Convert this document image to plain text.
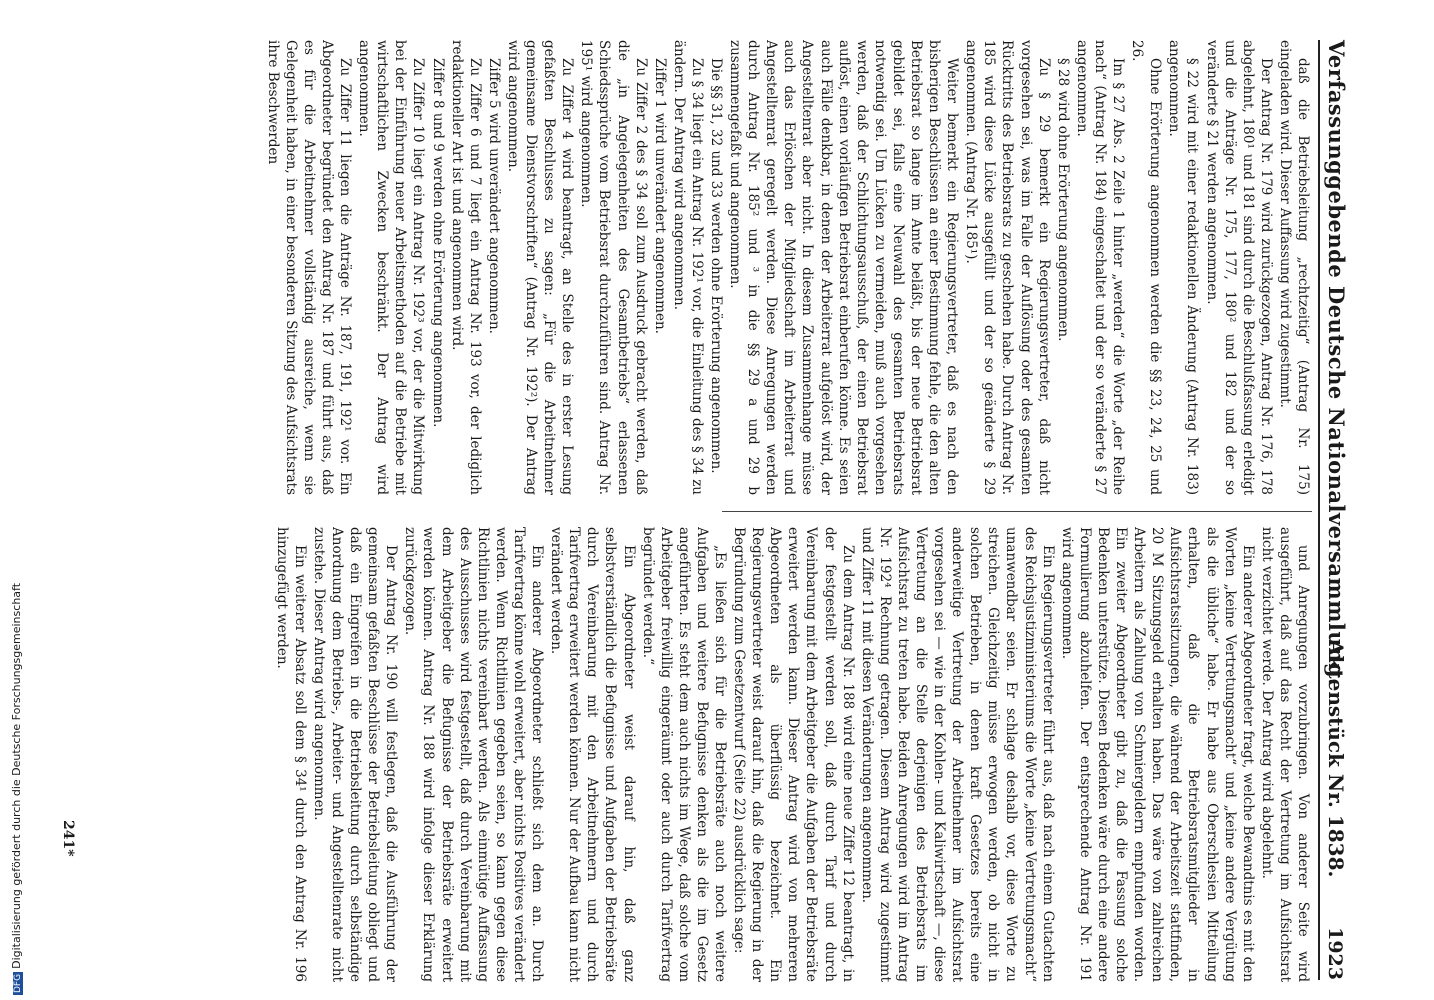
Verfassunggebende Deutsche Nationalversammlung.
Aktenstück Nr. 1838.
1923

daß die Betriebsleitung „rechtzeitig“ (Antrag Nr. 175) eingeladen wird. Dieser Auffassung wird zugestimmt.

Der Antrag Nr. 179 wird zurückgezogen, Antrag Nr. 176, 178 abgelehnt, 180¹ und 181 sind durch die Beschlußfassung erledigt und die Anträge Nr. 175, 177, 180² und 182 und der so veränderte § 21 werden angenommen.

§ 22 wird mit einer redaktionellen Änderung (Antrag Nr. 183) angenommen.

Ohne Erörterung angenommen werden die §§ 23, 24, 25 und 26.

Im § 27 Abs. 2 Zeile 1 hinter „werden“ die Worte „der Reihe nach“ (Antrag Nr. 184) eingeschaltet und der so veränderte § 27 angenommen.

§ 28 wird ohne Erörterung angenommen.

Zu § 29 bemerkt ein Regierungsvertreter, daß nicht vorgesehen sei, was im Falle der Auflösung oder des gesamten Rücktritts des Betriebsrats zu geschehen habe. Durch Antrag Nr. 185 wird diese Lücke ausgefüllt und der so geänderte § 29 angenommen. (Antrag Nr. 185¹).

Weiter bemerkt ein Regierungsvertreter, daß es nach den bisherigen Beschlüssen an einer Bestimmung fehle, die den alten Betriebsrat so lange im Amte beläßt, bis der neue Betriebsrat gebildet sei, falls eine Neuwahl des gesamten Betriebsrats notwendig sei. Um Lücken zu vermeiden, muß auch vorgesehen werden, daß der Schlichtungsausschuß, der einen Betriebsrat auflöst, einen vorläufigen Betriebsrat einberufen könne. Es seien auch Fälle denkbar, in denen der Arbeiterrat aufgelöst wird, der Angestelltenrat aber nicht. In diesem Zusammenhange müsse auch das Erlöschen der Mitgliedschaft im Arbeiterrat und Angestelltenrat geregelt werden. Diese Anregungen werden durch Antrag Nr. 185² und ³ in die §§ 29 a und 29 b zusammengefaßt und angenommen.

Die §§ 31, 32 und 33 werden ohne Erörterung angenommen.

Zu § 34 liegt ein Antrag Nr. 192¹ vor, die Einleitung des § 34 zu ändern. Der Antrag wird angenommen.

Ziffer 1 wird unverändert angenommen.

Zu Ziffer 2 des § 34 soll zum Ausdruck gebracht werden, daß die „in Angelegenheiten des Gesamtbetriebs“ erlassenen Schiedssprüche vom Betriebsrat durchzuführen sind. Antrag Nr. 195¹ wird angenommen.

Zu Ziffer 4 wird beantragt, an Stelle des in erster Lesung gefaßten Beschlusses zu sagen: „Für die Arbeitnehmer gemeinsame Dienstvorschriften“ (Antrag Nr. 192²). Der Antrag wird angenommen.

Ziffer 5 wird unverändert angenommen.

Zu Ziffer 6 und 7 liegt ein Antrag Nr. 193 vor, der lediglich redaktioneller Art ist und angenommen wird.

Ziffer 8 und 9 werden ohne Erörterung angenommen.

Zu Ziffer 10 liegt ein Antrag Nr. 192³ vor, der die Mitwirkung bei der Einführung neuer Arbeitsmethoden auf die Betriebe mit wirtschaftlichen Zwecken beschränkt. Der Antrag wird angenommen.

Zu Ziffer 11 liegen die Anträge Nr. 187, 191, 192¹ vor. Ein Abgeordneter begründet den Antrag Nr. 187 und führt aus, daß es für die Arbeitnehmer vollständig ausreiche, wenn sie Gelegenheit haben, in einer besonderen Sitzung des Aufsichtsrats ihre Beschwerden

und Anregungen vorzubringen. Von anderer Seite wird ausgeführt, daß auf das Recht der Vertretung im Aufsichtsrat nicht verzichtet werde. Der Antrag wird abgelehnt.

Ein anderer Abgeordneter fragt, welche Bewandtnis es mit den Worten „keine Vertretungsmacht“ und „keine andere Vergütung als die übliche“ habe. Er habe aus Oberschlesien Mitteilung erhalten, daß die Betriebsratsmitglieder in Aufsichtsratssitzungen, die während der Arbeitszeit stattfinden, 20 M Sitzungsgeld erhalten haben. Das wäre von zahlreichen Arbeitern als Zahlung von Schmiergeldern empfunden worden. Ein zweiter Abgeordneter gibt zu, daß die Fassung solche Bedenken unterstütze. Diesen Bedenken wäre durch eine andere Formulierung abzuhelfen. Der entsprechende Antrag Nr. 191 wird angenommen.

Ein Regierungsvertreter führt aus, daß nach einem Gutachten des Reichsjustizministeriums die Worte „keine Vertretungsmacht“ unanwendbar seien. Er schlage deshalb vor, diese Worte zu streichen. Gleichzeitig müsse erwogen werden, ob nicht in solchen Betrieben, in denen kraft Gesetzes bereits eine anderweitige Vertretung der Arbeitnehmer im Aufsichtsrat vorgesehen sei — wie in der Kohlen- und Kaliwirtschaft —, diese Vertretung an die Stelle derjenigen des Betriebsrats im Aufsichtsrat zu treten habe. Beiden Anregungen wird im Antrag Nr. 192⁴ Rechnung getragen. Diesem Antrag wird zugestimmt und Ziffer 11 mit diesen Veränderungen angenommen.

Zu dem Antrag Nr. 188 wird eine neue Ziffer 12 beantragt, in der festgestellt werden soll, daß durch Tarif und durch Vereinbarung mit dem Arbeitgeber die Aufgaben der Betriebsräte erweitert werden kann. Dieser Antrag wird von mehreren Abgeordneten als überflüssig bezeichnet. Ein Regierungsvertreter weist darauf hin, daß die Regierung in der Begründung zum Gesetzentwurf (Seite 22) ausdrücklich sage:

„Es ließen sich für die Betriebsräte auch noch weitere Aufgaben und weitere Befugnisse denken als die im Gesetz angeführten. Es steht dem auch nichts im Wege, daß solche vom Arbeitgeber freiwillig eingeräumt oder auch durch Tarifvertrag begründet werden.“

Ein Abgeordneter weist darauf hin, daß ganz selbstverständlich die Befugnisse und Aufgaben der Betriebsräte durch Vereinbarung mit den Arbeitnehmern und durch Tarifvertrag erweitert werden können. Nur der Aufbau kann nicht verändert werden.

Ein anderer Abgeordneter schließt sich dem an. Durch Tarifvertrag könne wohl erweitert, aber nichts Positives verändert werden. Wenn Richtlinien gegeben seien, so kann gegen diese Richtlinien nichts vereinbart werden. Als einmütige Auffassung des Ausschusses wird festgestellt, daß durch Vereinbarung mit dem Arbeitgeber die Befugnisse der Betriebsräte erweitert werden können. Antrag Nr. 188 wird infolge dieser Erklärung zurückgezogen.

Der Antrag Nr. 190 will festlegen, daß die Ausführung der gemeinsam gefaßten Beschlüsse der Betriebsleitung obliegt und daß ein Eingreifen in die Betriebsleitung durch selbständige Anordnung dem Betriebs-, Arbeiter- und Angestelltenrate nicht zustehe. Dieser Antrag wird angenommen.

Ein weiterer Absatz soll dem § 34¹ durch den Antrag Nr. 196 hinzugefügt werden.

241*
DFGDigitalisierung gefördert durch die Deutsche Forschungsgemeinschaft
